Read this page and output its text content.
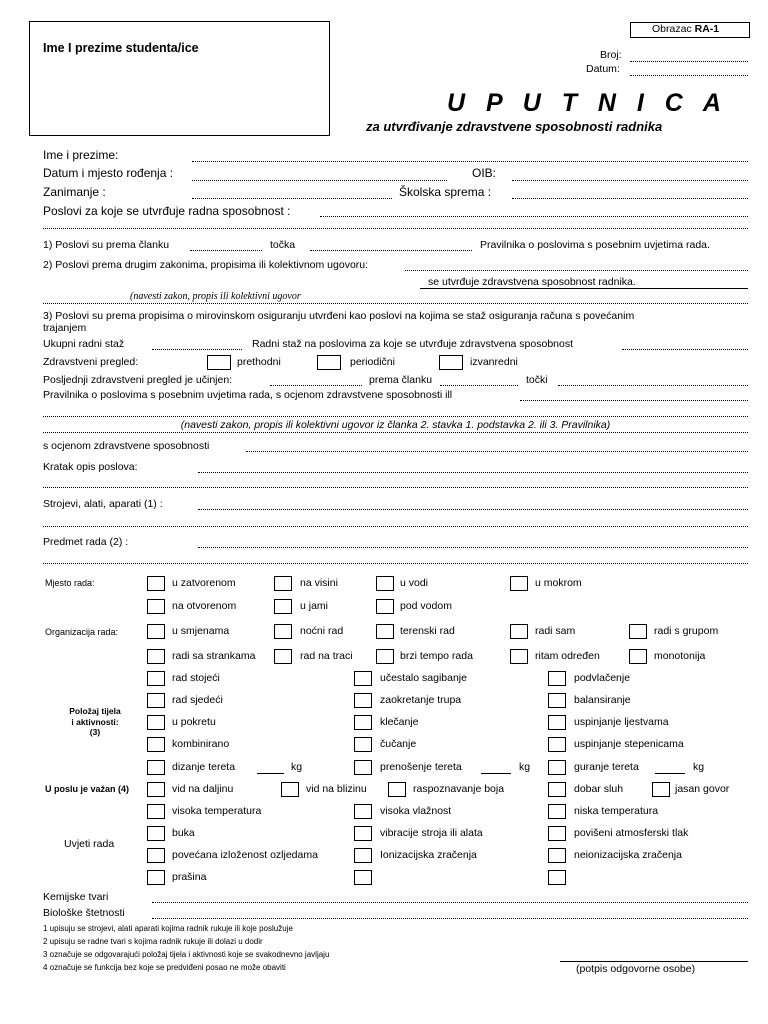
Ime I prezime studenta/ice
Obrazac RA-1
Broj:
Datum:
U P U T N I C A
za utvrđivanje zdravstvene sposobnosti radnika
Ime i prezime:
Datum i mjesto rođenja :	OIB:
Zanimanje :	Školska sprema :
Poslovi za koje se utvrđuje radna sposobnost :
1) Poslovi su prema članku	točka	Pravilnika o poslovima s posebnim uvjetima rada.
2) Poslovi prema drugim zakonima, propisima ili kolektivnom ugovoru:
se utvrđuje zdravstvena sposobnost radnika.
(navesti zakon, propis ili kolektivni ugovor
3) Poslovi su prema propisima o mirovinskom osiguranju utvrđeni kao poslovi na kojima se staž osiguranja računa s povećanim
trajanjem
Ukupni radni staž	Radni staž na poslovima za koje se utvrđuje zdravstvena sposobnost
Zdravstveni pregled:	prethodni	periodični	izvanredni
Posljednji zdravstveni pregled je učinjen:	prema članku	točki
Pravilnika o poslovima s posebnim uvjetima rada, s ocjenom zdravstvene sposobnosti ill
(navesti zakon, propis ili kolektivni ugovor iz članka 2. stavka 1. podstavka 2. ili 3. Pravilnika)
s ocjenom zdravstvene sposobnosti
Kratak opis poslova:
Strojevi, alati, aparati (1) :
Predmet rada (2) :
Mjesto rada:	u zatvorenom	na visini	u vodi	u mokrom
na otvorenom	u jami	pod vodom
Organizacija rada:	u smjenama	noćni rad	terenski rad	radi sam	radi s grupom
radi sa strankama	rad na traci	brzi tempo rada	ritam određen	monotonija
Položaj tijela
i aktivnosti:
(3)
rad stojeći	učestalo sagibanje	podvlačenje
rad sjedeći	zaokretanje trupa	balansiranje
u pokretu	klečanje	uspinjanje ljestvama
kombinirano	čučanje	uspinjanje stepenicama
dizanje tereta	kg	prenošenje tereta	kg	guranje tereta	kg
U poslu je važan (4)	vid na daljinu	vid na blizinu	raspoznavanje boja	dobar sluh	jasan govor
Uvjeti rada
visoka temperatura	visoka vlažnost	niska temperatura
buka	vibracije stroja ili alata	povišeni atmosferski tlak
povećana izloženost ozljedama	Ionizacijska zračenja	neionizacijska zračenja
prašina
Kemijske tvari
Biološke štetnosti
1 upisuju se strojevi, alati aparati kojima radnik rukuje ili koje poslužuje
2 upisuju se radne tvari s kojima radnik rukuje ili dolazi u dodir
3 označuje se odgovarajući položaj tijela i aktivnosti koje se svakodnevno javljaju
4 označuje se funkcija bez koje se predviđeni posao ne može obaviti	(potpis odgovorne osobe)
